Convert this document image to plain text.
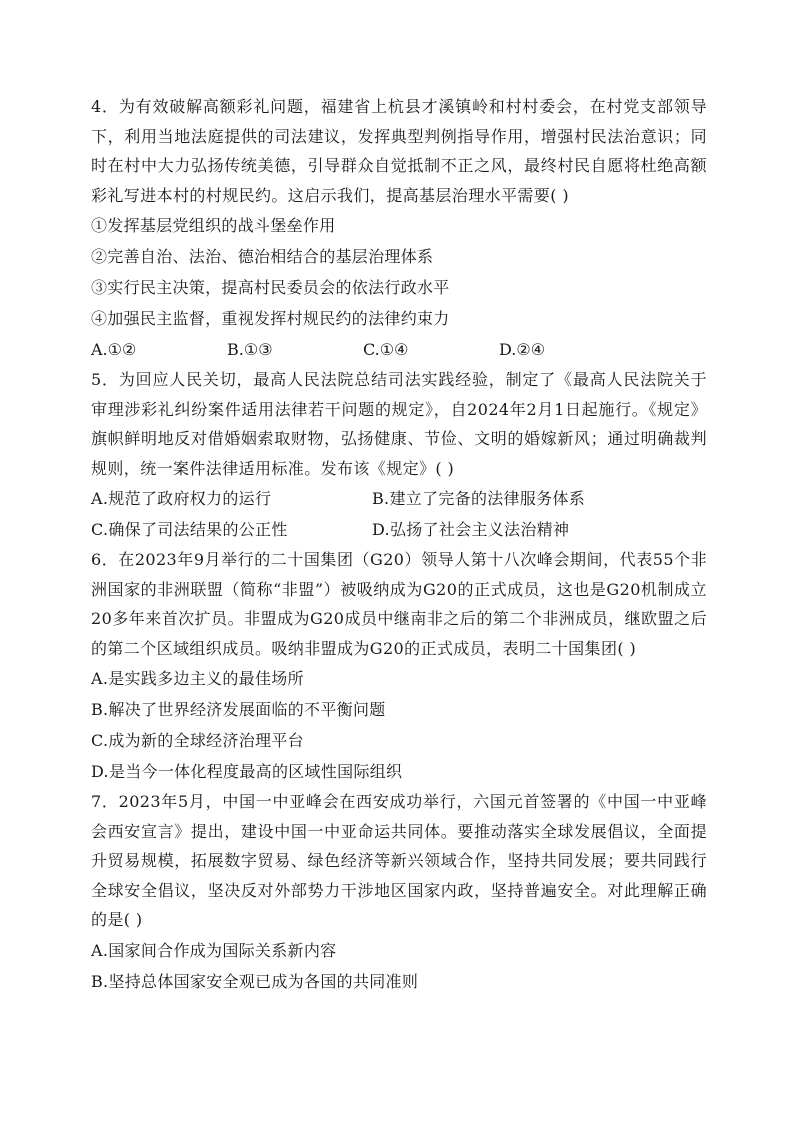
4．为有效破解高额彩礼问题，福建省上杭县才溪镇岭和村村委会，在村党支部领导下，利用当地法庭提供的司法建议，发挥典型判例指导作用，增强村民法治意识；同时在村中大力弘扬传统美德，引导群众自觉抵制不正之风，最终村民自愿将杜绝高额彩礼写进本村的村规民约。这启示我们，提高基层治理水平需要( )

①发挥基层党组织的战斗堡垒作用

②完善自治、法治、德治相结合的基层治理体系

③实行民主决策，提高村民委员会的依法行政水平

④加强民主监督，重视发挥村规民约的法律约束力

A.①②	B.①③	C.①④	D.②④

5．为回应人民关切，最高人民法院总结司法实践经验，制定了《最高人民法院关于审理涉彩礼纠纷案件适用法律若干问题的规定》，自2024年2月1日起施行。《规定》旗帜鲜明地反对借婚姻索取财物，弘扬健康、节俭、文明的婚嫁新风；通过明确裁判规则，统一案件法律适用标准。发布该《规定》( )

A.规范了政府权力的运行	B.建立了完备的法律服务体系
C.确保了司法结果的公正性	D.弘扬了社会主义法治精神

6．在2023年9月举行的二十国集团（G20）领导人第十八次峰会期间，代表55个非洲国家的非洲联盟（简称“非盟”）被吸纳成为G20的正式成员，这也是G20机制成立20多年来首次扩员。非盟成为G20成员中继南非之后的第二个非洲成员，继欧盟之后的第二个区域组织成员。吸纳非盟成为G20的正式成员，表明二十国集团( )

A.是实践多边主义的最佳场所

B.解决了世界经济发展面临的不平衡问题

C.成为新的全球经济治理平台

D.是当今一体化程度最高的区域性国际组织

7．2023年5月，中国一中亚峰会在西安成功举行，六国元首签署的《中国一中亚峰会西安宣言》提出，建设中国一中亚命运共同体。要推动落实全球发展倡议，全面提升贸易规模，拓展数字贸易、绿色经济等新兴领域合作，坚持共同发展；要共同践行全球安全倡议，坚决反对外部势力干涉地区国家内政，坚持普遍安全。对此理解正确的是( )

A.国家间合作成为国际关系新内容

B.坚持总体国家安全观已成为各国的共同准则
